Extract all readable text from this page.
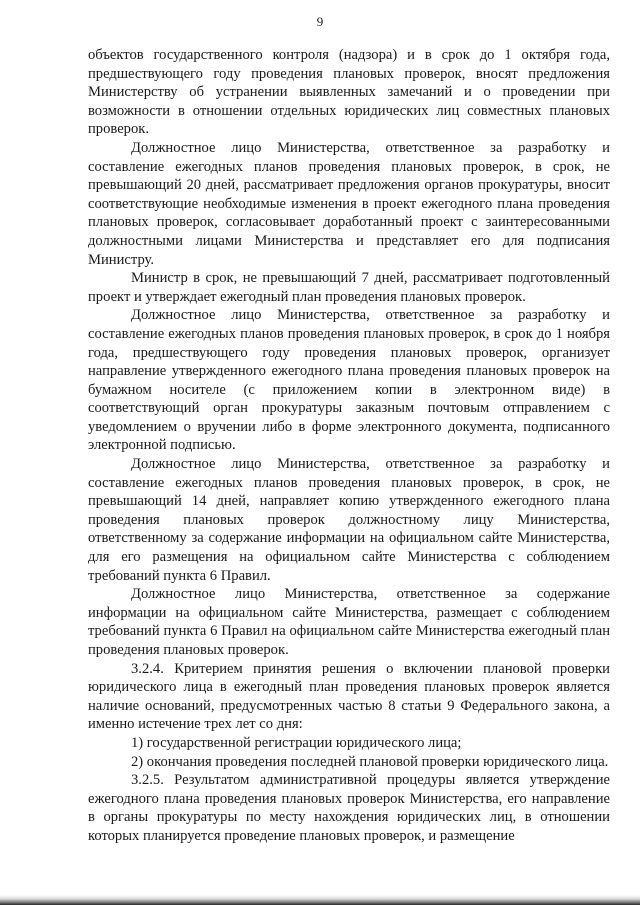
9

объектов государственного контроля (надзора) и в срок до 1 октября года, предшествующего году проведения плановых проверок, вносят предложения Министерству об устранении выявленных замечаний и о проведении при возможности в отношении отдельных юридических лиц совместных плановых проверок.

Должностное лицо Министерства, ответственное за разработку и составление ежегодных планов проведения плановых проверок, в срок, не превышающий 20 дней, рассматривает предложения органов прокуратуры, вносит соответствующие необходимые изменения в проект ежегодного плана проведения плановых проверок, согласовывает доработанный проект с заинтересованными должностными лицами Министерства и представляет его для подписания Министру.

Министр в срок, не превышающий 7 дней, рассматривает подготовленный проект и утверждает ежегодный план проведения плановых проверок.

Должностное лицо Министерства, ответственное за разработку и составление ежегодных планов проведения плановых проверок, в срок до 1 ноября года, предшествующего году проведения плановых проверок, организует направление утвержденного ежегодного плана проведения плановых проверок на бумажном носителе (с приложением копии в электронном виде) в соответствующий орган прокуратуры заказным почтовым отправлением с уведомлением о вручении либо в форме электронного документа, подписанного электронной подписью.

Должностное лицо Министерства, ответственное за разработку и составление ежегодных планов проведения плановых проверок, в срок, не превышающий 14 дней, направляет копию утвержденного ежегодного плана проведения плановых проверок должностному лицу Министерства, ответственному за содержание информации на официальном сайте Министерства, для его размещения на официальном сайте Министерства с соблюдением требований пункта 6 Правил.

Должностное лицо Министерства, ответственное за содержание информации на официальном сайте Министерства, размещает с соблюдением требований пункта 6 Правил на официальном сайте Министерства ежегодный план проведения плановых проверок.

3.2.4. Критерием принятия решения о включении плановой проверки юридического лица в ежегодный план проведения плановых проверок является наличие оснований, предусмотренных частью 8 статьи 9 Федерального закона, а именно истечение трех лет со дня:

1) государственной регистрации юридического лица;

2) окончания проведения последней плановой проверки юридического лица.

3.2.5. Результатом административной процедуры является утверждение ежегодного плана проведения плановых проверок Министерства, его направление в органы прокуратуры по месту нахождения юридических лиц, в отношении которых планируется проведение плановых проверок, и размещение
